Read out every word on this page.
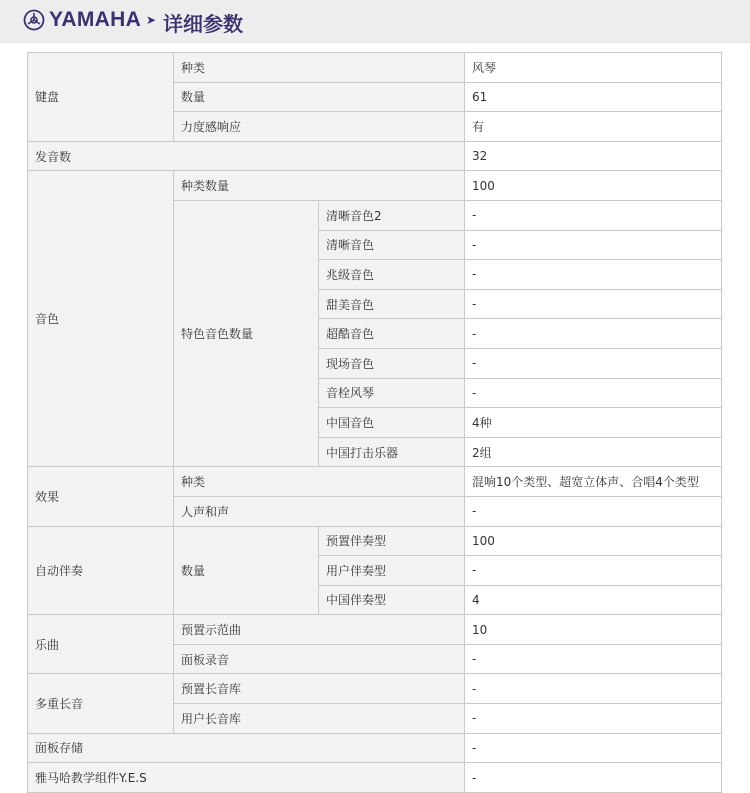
YAMAHA ➤ 详细参数
键盘	种类		风琴
	数量		61
	力度感响应		有
发音数			32
音色	种类数量		100
	特色音色数量	清晰音色2	-
		清晰音色	-
		兆级音色	-
		甜美音色	-
		超酷音色	-
		现场音色	-
		音栓风琴	-
		中国音色	4种
		中国打击乐器	2组
效果	种类		混响10个类型、超宽立体声、合唱4个类型
	人声和声		-
自动伴奏	数量	预置伴奏型	100
		用户伴奏型	-
		中国伴奏型	4
乐曲	预置示范曲		10
	面板录音		-
多重长音	预置长音库		-
	用户长音库		-
面板存储			-
雅马哈教学组件Y.E.S			-
